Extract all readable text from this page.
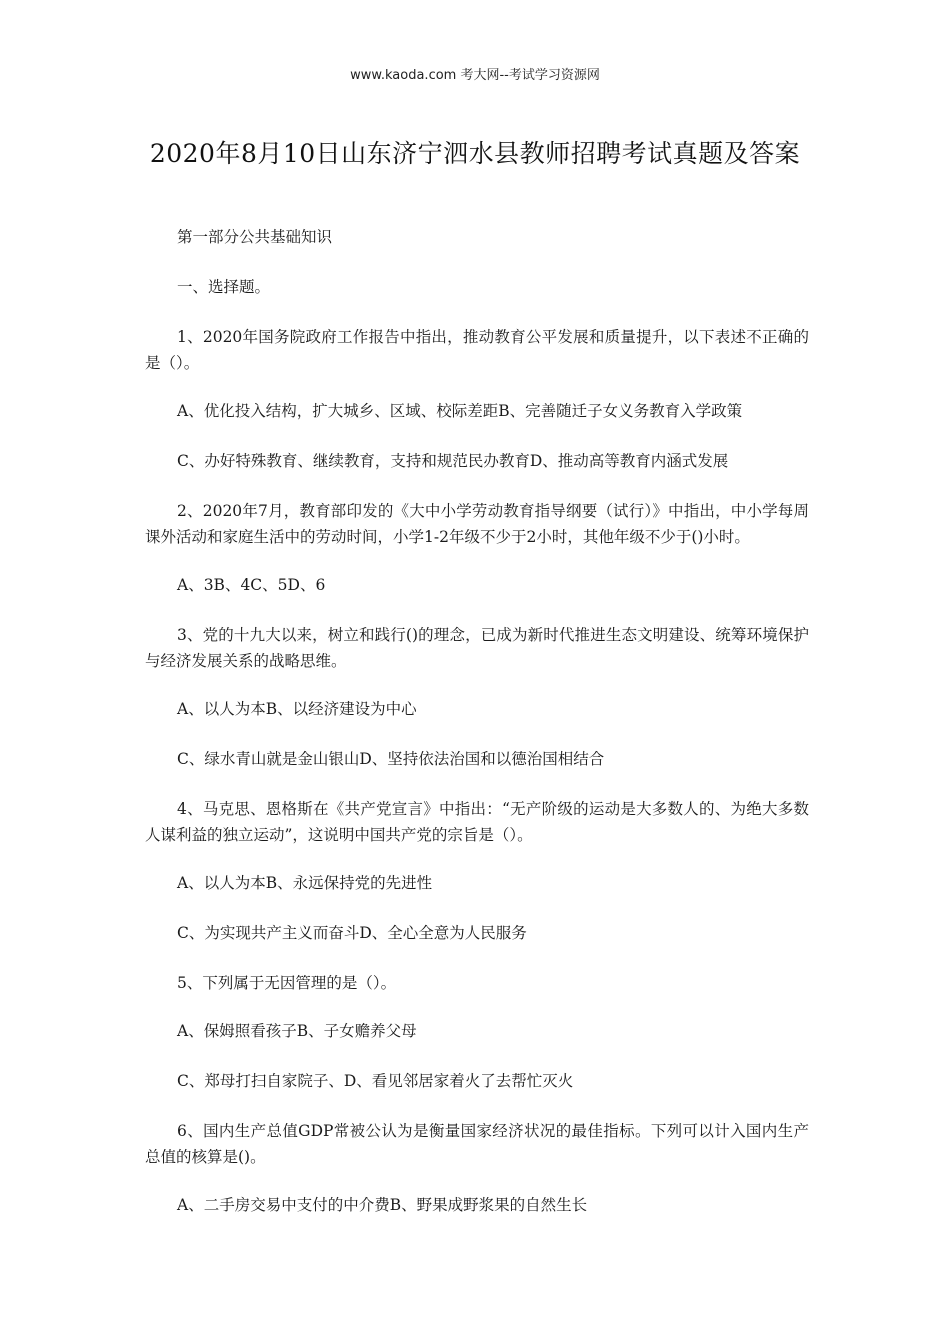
www.kaoda.com 考大网--考试学习资源网
2020年8月10日山东济宁泗水县教师招聘考试真题及答案

第一部分公共基础知识

一、选择题。

1、2020年国务院政府工作报告中指出，推动教育公平发展和质量提升，以下表述不正确的是（）。

A、优化投入结构，扩大城乡、区域、校际差距B、完善随迁子女义务教育入学政策

C、办好特殊教育、继续教育，支持和规范民办教育D、推动高等教育内涵式发展

2、2020年7月，教育部印发的《大中小学劳动教育指导纲要（试行）》中指出，中小学每周课外活动和家庭生活中的劳动时间，小学1-2年级不少于2小时，其他年级不少于()小时。

A、3B、4C、5D、6

3、党的十九大以来，树立和践行()的理念，已成为新时代推进生态文明建设、统筹环境保护与经济发展关系的战略思维。

A、以人为本B、以经济建设为中心

C、绿水青山就是金山银山D、坚持依法治国和以德治国相结合

4、马克思、恩格斯在《共产党宣言》中指出：“无产阶级的运动是大多数人的、为绝大多数人谋利益的独立运动”，这说明中国共产党的宗旨是（）。

A、以人为本B、永远保持党的先进性

C、为实现共产主义而奋斗D、全心全意为人民服务

5、下列属于无因管理的是（）。

A、保姆照看孩子B、子女赡养父母

C、郑母打扫自家院子、D、看见邻居家着火了去帮忙灭火

6、国内生产总值GDP常被公认为是衡量国家经济状况的最佳指标。下列可以计入国内生产总值的核算是()。

A、二手房交易中支付的中介费B、野果成野浆果的自然生长
